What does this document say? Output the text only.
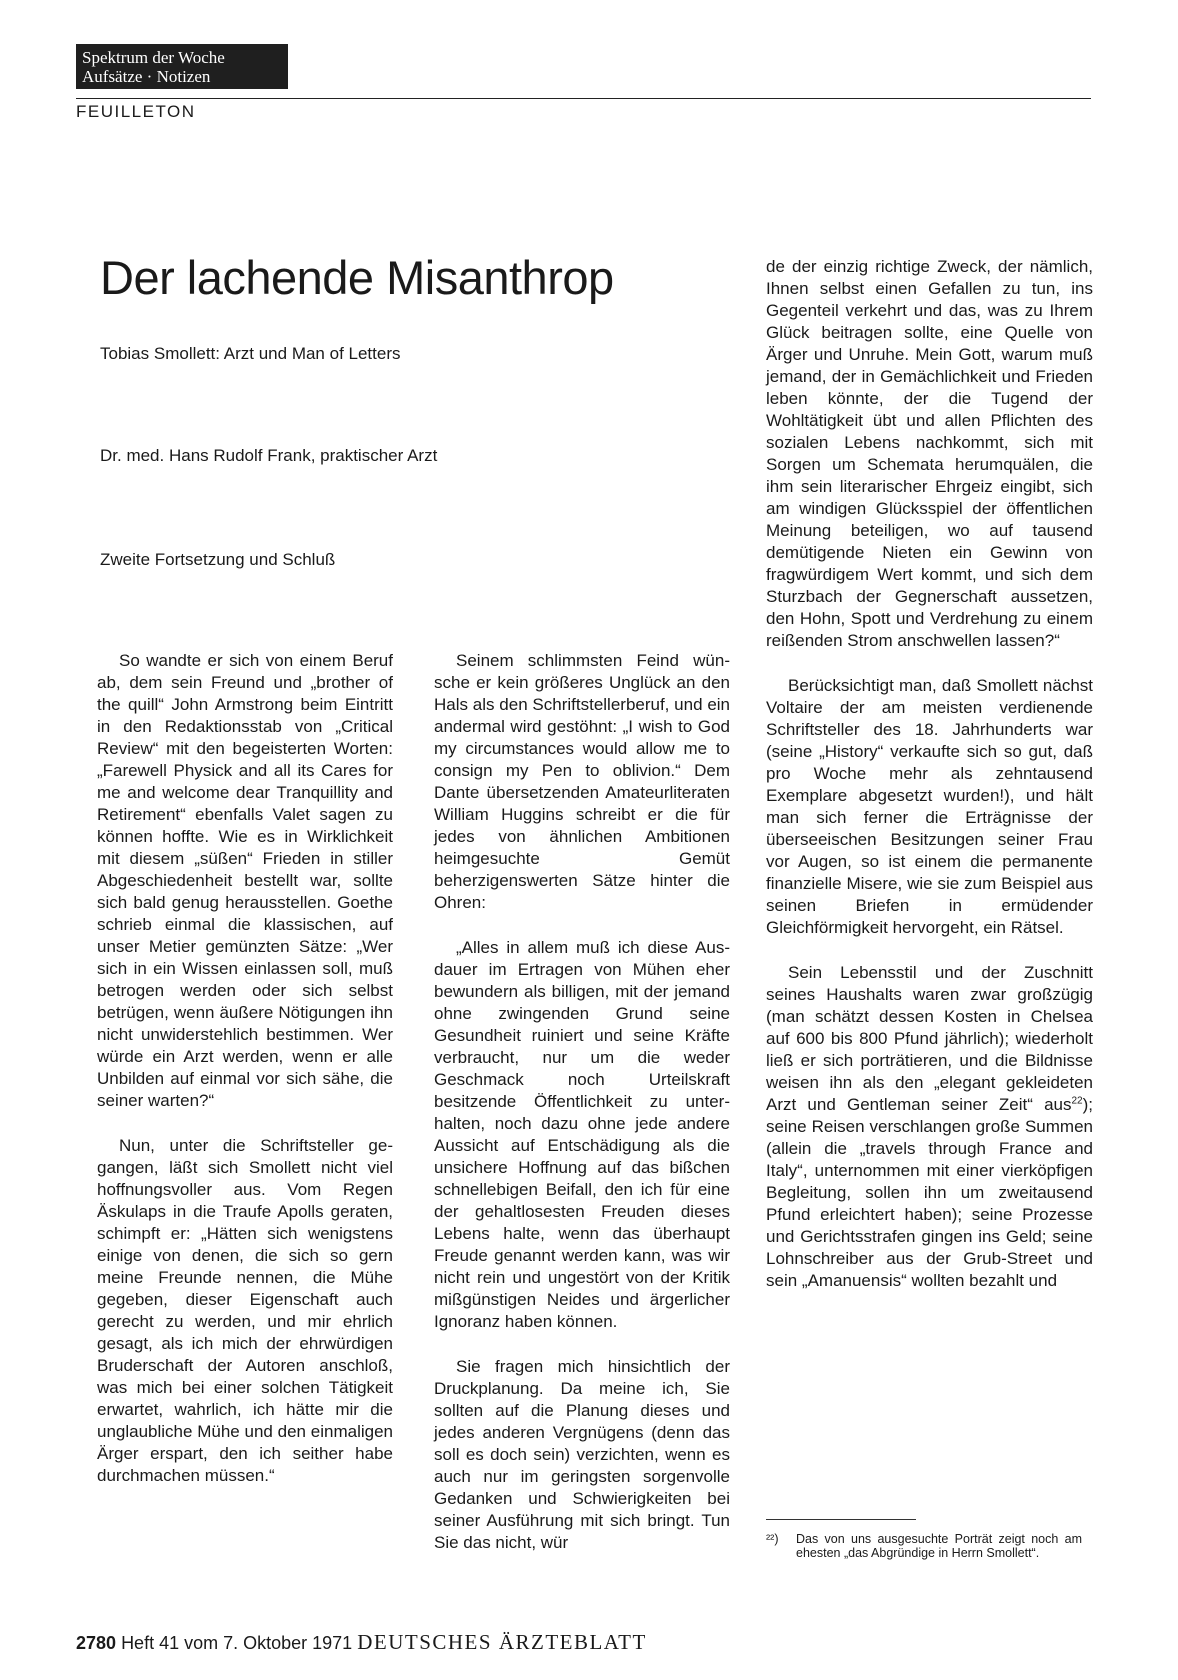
Spektrum der Woche
Aufsätze · Notizen
FEUILLETON
Der lachende Misanthrop
Tobias Smollett: Arzt und Man of Letters
Dr. med. Hans Rudolf Frank, praktischer Arzt
Zweite Fortsetzung und Schluß

So wandte er sich von einem Beruf ab, dem sein Freund und „brother of the quill“ John Armstrong beim Eintritt in den Redaktionsstab von „Critical Review“ mit den begeisterten Worten: „Farewell Physick and all its Cares for me and welcome dear Tranquillity and Retirement“ ebenfalls Valet sagen zu können hoffte. Wie es in Wirklichkeit mit diesem „süßen“ Frieden in stiller Abgeschiedenheit bestellt war, sollte sich bald genug herausstellen. Goethe schrieb einmal die klassischen, auf unser Metier gemünzten Sätze: „Wer sich in ein Wissen einlassen soll, muß betrogen werden oder sich selbst betrügen, wenn äußere Nötigungen ihn nicht unwiderstehlich bestimmen. Wer würde ein Arzt werden, wenn er alle Unbilden auf einmal vor sich sähe, die seiner warten?“

Nun, unter die Schriftsteller gegangen, läßt sich Smollett nicht viel hoffnungsvoller aus. Vom Regen Äskulaps in die Traufe Apolls geraten, schimpft er: „Hätten sich wenigstens einige von denen, die sich so gern meine Freunde nennen, die Mühe gegeben, dieser Eigenschaft auch gerecht zu werden, und mir ehrlich gesagt, als ich mich der ehrwürdigen Bruderschaft der Autoren anschloß, was mich bei einer solchen Tätigkeit erwartet, wahrlich, ich hätte mir die unglaubliche Mühe und den einmaligen Ärger erspart, den ich seither habe durchmachen müssen.“

Seinem schlimmsten Feind wünsche er kein größeres Unglück an den Hals als den Schriftstellerberuf, und ein andermal wird gestöhnt: „I wish to God my circumstances would allow me to consign my Pen to oblivion.“ Dem Dante übersetzenden Amateurliteraten William Huggins schreibt er die für jedes von ähnlichen Ambitionen heimgesuchte Gemüt beherzigenswerten Sätze hinter die Ohren:

„Alles in allem muß ich diese Ausdauer im Ertragen von Mühen eher bewundern als billigen, mit der jemand ohne zwingenden Grund seine Gesundheit ruiniert und seine Kräfte verbraucht, nur um die weder Geschmack noch Urteilskraft besitzende Öffentlichkeit zu unterhalten, noch dazu ohne jede andere Aussicht auf Entschädigung als die unsichere Hoffnung auf das bißchen schnellebigen Beifall, den ich für eine der gehaltlosesten Freuden dieses Lebens halte, wenn das überhaupt Freude genannt werden kann, was wir nicht rein und ungestört von der Kritik mißgünstigen Neides und ärgerlicher Ignoranz haben können.

Sie fragen mich hinsichtlich der Druckplanung. Da meine ich, Sie sollten auf die Planung dieses und jedes anderen Vergnügens (denn das soll es doch sein) verzichten, wenn es auch nur im geringsten sorgenvolle Gedanken und Schwierigkeiten bei seiner Ausführung mit sich bringt. Tun Sie das nicht, wür

de der einzig richtige Zweck, der nämlich, Ihnen selbst einen Gefallen zu tun, ins Gegenteil verkehrt und das, was zu Ihrem Glück beitragen sollte, eine Quelle von Ärger und Unruhe. Mein Gott, warum muß jemand, der in Gemächlichkeit und Frieden leben könnte, der die Tugend der Wohltätigkeit übt und allen Pflichten des sozialen Lebens nachkommt, sich mit Sorgen um Schemata herumquälen, die ihm sein literarischer Ehrgeiz eingibt, sich am windigen Glücksspiel der öffentlichen Meinung beteiligen, wo auf tausend demütigende Nieten ein Gewinn von fragwürdigem Wert kommt, und sich dem Sturzbach der Gegnerschaft aussetzen, den Hohn, Spott und Verdrehung zu einem reißenden Strom anschwellen lassen?“

Berücksichtigt man, daß Smollett nächst Voltaire der am meisten verdienende Schriftsteller des 18. Jahrhunderts war (seine „History“ verkaufte sich so gut, daß pro Woche mehr als zehntausend Exemplare abgesetzt wurden!), und hält man sich ferner die Erträgnisse der überseeischen Besitzungen seiner Frau vor Augen, so ist einem die permanente finanzielle Misere, wie sie zum Beispiel aus seinen Briefen in ermüdender Gleichförmigkeit hervorgeht, ein Rätsel.

Sein Lebensstil und der Zuschnitt seines Haushalts waren zwar großzügig (man schätzt dessen Kosten in Chelsea auf 600 bis 800 Pfund jährlich); wiederholt ließ er sich porträtieren, und die Bildnisse weisen ihn als den „elegant gekleideten Arzt und Gentleman seiner Zeit“ aus$^{22}$); seine Reisen verschlangen große Summen (allein die „travels through France and Italy“, unternommen mit einer vierköpfigen Begleitung, sollen ihn um zweitausend Pfund erleichtert haben); seine Prozesse und Gerichtsstrafen gingen ins Geld; seine Lohnschreiber aus der Grub-Street und sein „Amanuensis“ wollten bezahlt und

²²) Das von uns ausgesuchte Porträt zeigt noch am ehesten „das Abgründige in Herrn Smollett“.
2780 Heft 41 vom 7. Oktober 1971 DEUTSCHES ÄRZTEBLATT
